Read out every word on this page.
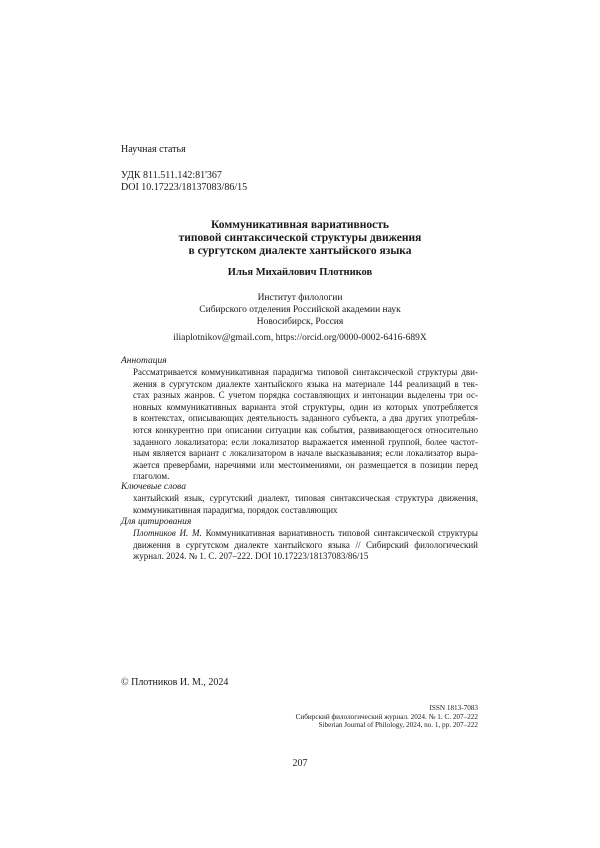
Научная статья
УДК 811.511.142:81'367
DOI 10.17223/18137083/86/15
Коммуникативная вариативность
типовой синтаксической структуры движения
в сургутском диалекте хантыйского языка
Илья Михайлович Плотников
Институт филологии
Сибирского отделения Российской академии наук
Новосибирск, Россия
iliaplotnikov@gmail.com, https://orcid.org/0000-0002-6416-689X
Аннотация
Рассматривается коммуникативная парадигма типовой синтаксической структуры дви-
жения в сургутском диалекте хантыйского языка на материале 144 реализаций в тек-
стах разных жанров. С учетом порядка составляющих и интонации выделены три ос-
новных коммуникативных варианта этой структуры, один из которых употребляется
в контекстах, описывающих деятельность заданного субъекта, а два других употребля-
ются конкурентно при описании ситуации как события, развивающегося относительно
заданного локализатора: если локализатор выражается именной группой, более частот-
ным является вариант с локализатором в начале высказывания; если локализатор выра-
жается превербами, наречиями или местоимениями, он размещается в позиции перед
глаголом.
Ключевые слова
хантыйский язык, сургутский диалект, типовая синтаксическая структура движения,
коммуникативная парадигма, порядок составляющих
Для цитирования
Плотников И. М. Коммуникативная вариативность типовой синтаксической структуры
движения в сургутском диалекте хантыйского языка // Сибирский филологический
журнал. 2024. № 1. С. 207–222. DOI 10.17223/18137083/86/15
© Плотников И. М., 2024
ISSN 1813-7083
Сибирский филологический журнал. 2024. № 1. С. 207–222
Siberian Journal of Philology, 2024, no. 1, pp. 207–222
207
